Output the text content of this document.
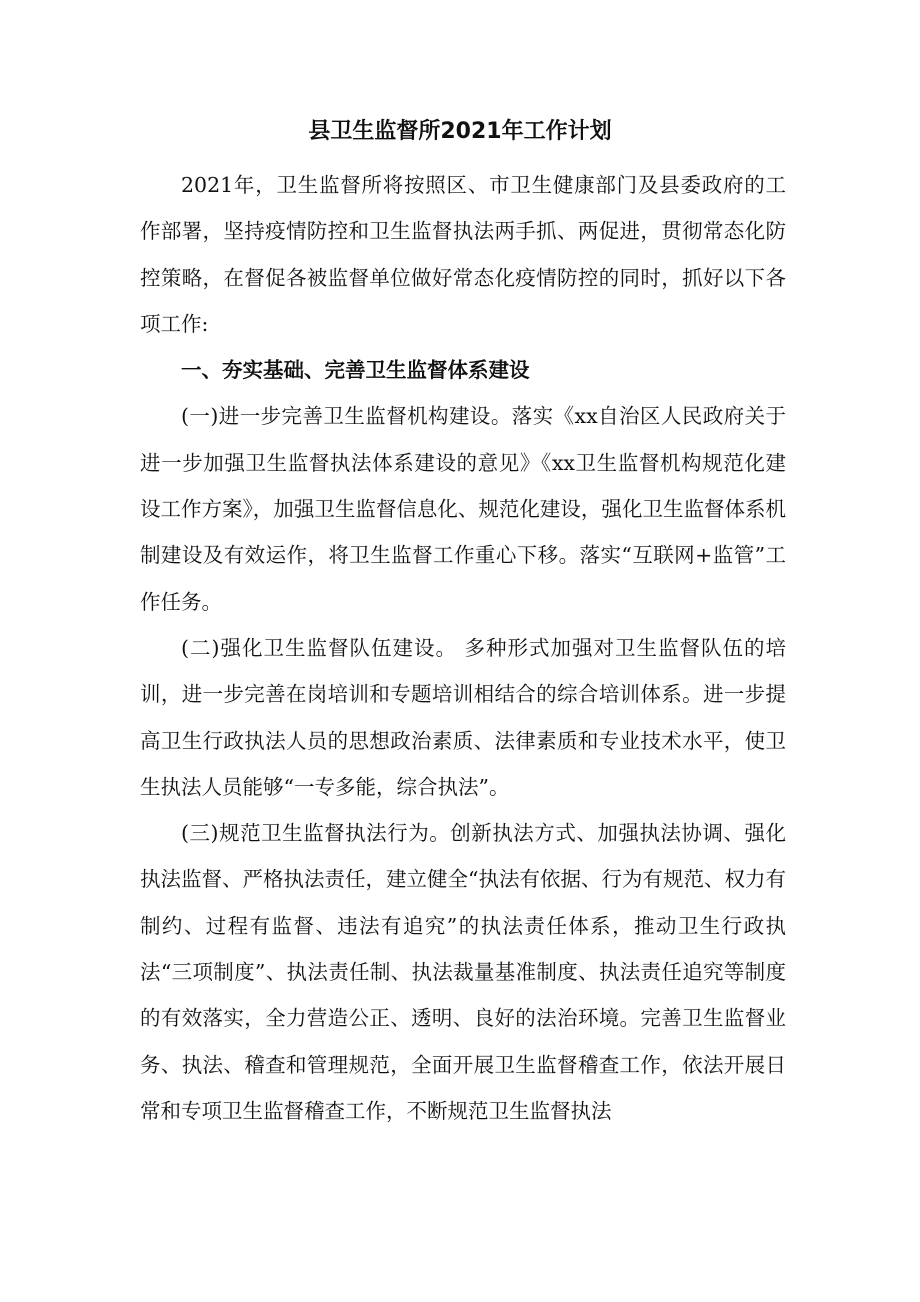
县卫生监督所2021年工作计划

2021年，卫生监督所将按照区、市卫生健康部门及县委政府的工作部署，坚持疫情防控和卫生监督执法两手抓、两促进，贯彻常态化防控策略，在督促各被监督单位做好常态化疫情防控的同时，抓好以下各项工作:

一、夯实基础、完善卫生监督体系建设

(一)进一步完善卫生监督机构建设。落实《xx自治区人民政府关于进一步加强卫生监督执法体系建设的意见》《xx卫生监督机构规范化建设工作方案》，加强卫生监督信息化、规范化建设，强化卫生监督体系机制建设及有效运作，将卫生监督工作重心下移。落实“互联网+监管”工作任务。

(二)强化卫生监督队伍建设。 多种形式加强对卫生监督队伍的培训，进一步完善在岗培训和专题培训相结合的综合培训体系。进一步提高卫生行政执法人员的思想政治素质、法律素质和专业技术水平，使卫生执法人员能够“一专多能，综合执法”。

(三)规范卫生监督执法行为。创新执法方式、加强执法协调、强化执法监督、严格执法责任，建立健全“执法有依据、行为有规范、权力有制约、过程有监督、违法有追究”的执法责任体系，推动卫生行政执法“三项制度”、执法责任制、执法裁量基准制度、执法责任追究等制度的有效落实，全力营造公正、透明、良好的法治环境。完善卫生监督业务、执法、稽查和管理规范，全面开展卫生监督稽查工作，依法开展日常和专项卫生监督稽查工作，不断规范卫生监督执法
